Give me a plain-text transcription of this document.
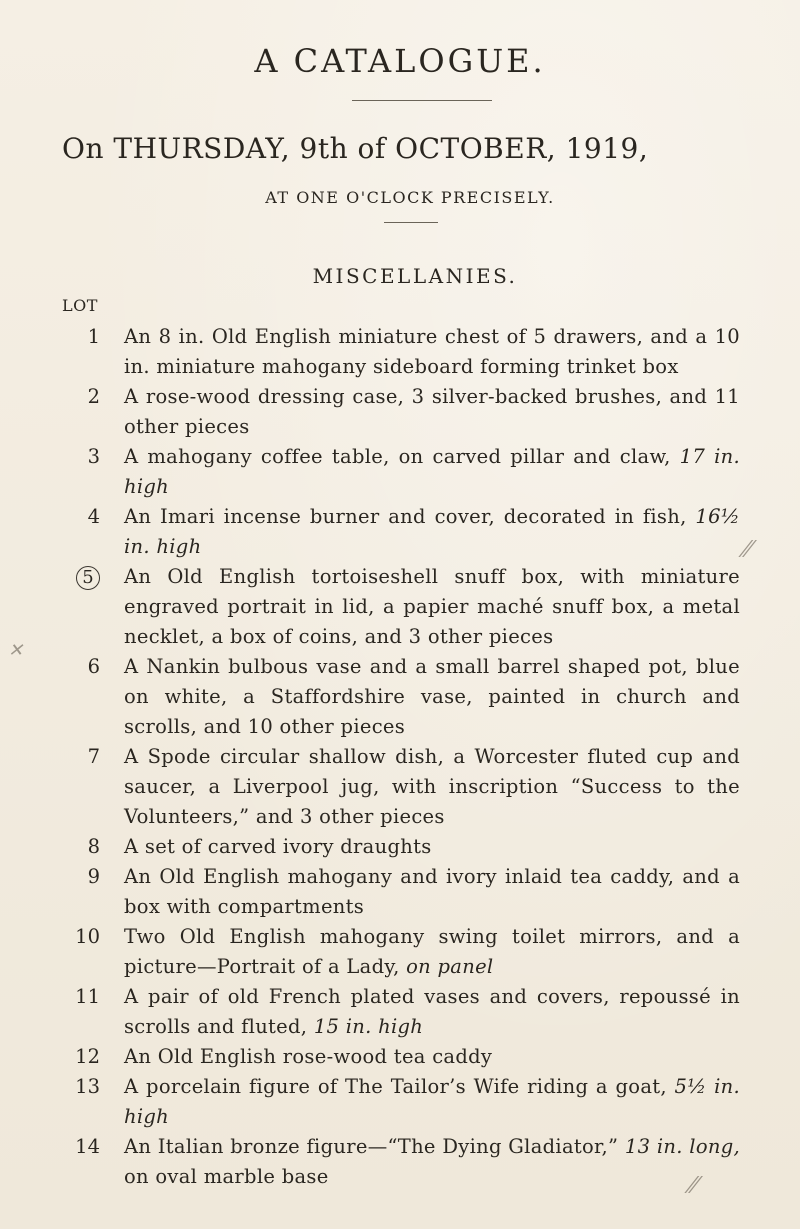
A CATALOGUE.
On THURSDAY, 9th of OCTOBER, 1919,
AT ONE O'CLOCK PRECISELY.
MISCELLANIES.
LOT
1	An 8 in. Old English miniature chest of 5 drawers, and a 10 in. miniature mahogany sideboard forming trinket box
2	A rose-wood dressing case, 3 silver-backed brushes, and 11 other pieces
3	A mahogany coffee table, on carved pillar and claw, 17 in. high
4	An Imari incense burner and cover, decorated in fish, 16½ in. high
5	An Old English tortoiseshell snuff box, with miniature engraved portrait in lid, a papier maché snuff box, a metal necklet, a box of coins, and 3 other pieces
6	A Nankin bulbous vase and a small barrel shaped pot, blue on white, a Staffordshire vase, painted in church and scrolls, and 10 other pieces
7	A Spode circular shallow dish, a Worcester fluted cup and saucer, a Liverpool jug, with inscription “Success to the Volunteers,” and 3 other pieces
8	A set of carved ivory draughts
9	An Old English mahogany and ivory inlaid tea caddy, and a box with compartments
10	Two Old English mahogany swing toilet mirrors, and a picture—Portrait of a Lady, on panel
11	A pair of old French plated vases and covers, repoussé in scrolls and fluted, 15 in. high
12	An Old English rose-wood tea caddy
13	A porcelain figure of The Tailor’s Wife riding a goat, 5½ in. high
14	An Italian bronze figure—“The Dying Gladiator,” 13 in. long, on oval marble base
✕
⁄⁄
⁄⁄
